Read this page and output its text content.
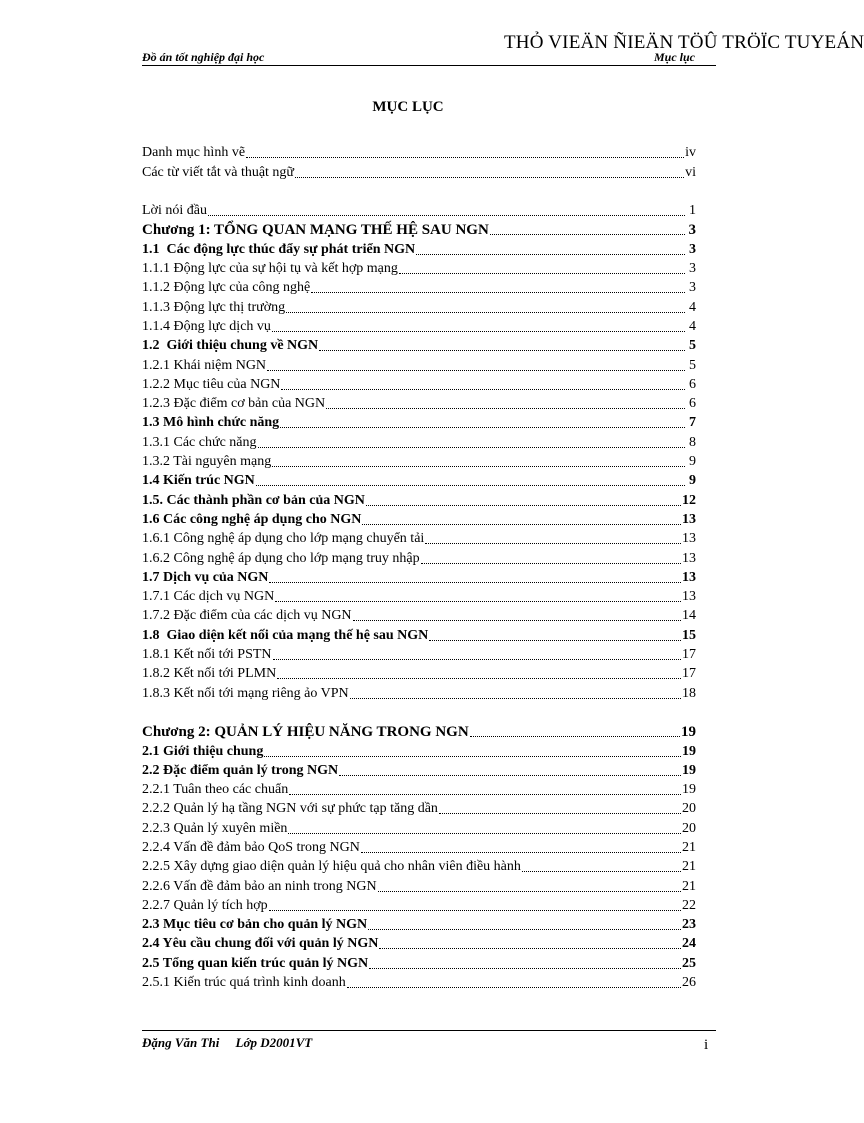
THỎ VIEÄN ÑIEÄN TÖÛ TRÖÏC TUYEÁN
Đồ án tốt nghiệp đại học	Mục lục
MỤC LỤC
Danh mục hình vẽ	iv
Các từ viết tắt và thuật ngữ	vi
Lời nói đầu	1
Chương 1: TỔNG QUAN MẠNG THẾ HỆ SAU NGN	3
1.1  Các động lực thúc đẩy sự phát triển NGN	3
1.1.1 Động lực của sự hội tụ và kết hợp mạng	3
1.1.2 Động lực của công nghệ	3
1.1.3 Động lực thị trường	4
1.1.4 Động lực dịch vụ	4
1.2  Giới thiệu chung về NGN	5
1.2.1 Khái niệm NGN	5
1.2.2 Mục tiêu của NGN	6
1.2.3 Đặc điểm cơ bản của NGN	6
1.3 Mô hình chức năng	7
1.3.1 Các chức năng	8
1.3.2 Tài nguyên mạng	9
1.4 Kiến trúc NGN	9
1.5. Các thành phần cơ bản của NGN	12
1.6 Các công nghệ áp dụng cho NGN	13
1.6.1 Công nghệ áp dụng cho lớp mạng chuyển tải	13
1.6.2 Công nghệ áp dụng cho lớp mạng truy nhập	13
1.7 Dịch vụ của NGN	13
1.7.1 Các dịch vụ NGN	13
1.7.2 Đặc điểm của các dịch vụ NGN	14
1.8  Giao diện kết nối của mạng thế hệ sau NGN	15
1.8.1 Kết nối tới PSTN	17
1.8.2 Kết nối tới PLMN	17
1.8.3 Kết nối tới mạng riêng ảo VPN	18
Chương 2: QUẢN LÝ HIỆU NĂNG TRONG NGN	19
2.1 Giới thiệu chung	19
2.2 Đặc điểm quản lý trong NGN	19
2.2.1 Tuân theo các chuẩn	19
2.2.2 Quản lý hạ tầng NGN với sự phức tạp tăng dần	20
2.2.3 Quản lý xuyên miền	20
2.2.4 Vấn đề đảm bảo QoS trong NGN	21
2.2.5 Xây dựng giao diện quản lý hiệu quả cho nhân viên điều hành	21
2.2.6 Vấn đề đảm bảo an ninh trong NGN	21
2.2.7 Quản lý tích hợp	22
2.3 Mục tiêu cơ bản cho quản lý NGN	23
2.4 Yêu cầu chung đối với quản lý NGN	24
2.5 Tổng quan kiến trúc quản lý NGN	25
2.5.1 Kiến trúc quá trình kinh doanh	26
Đặng Văn Thi     Lớp D2001VT	i
